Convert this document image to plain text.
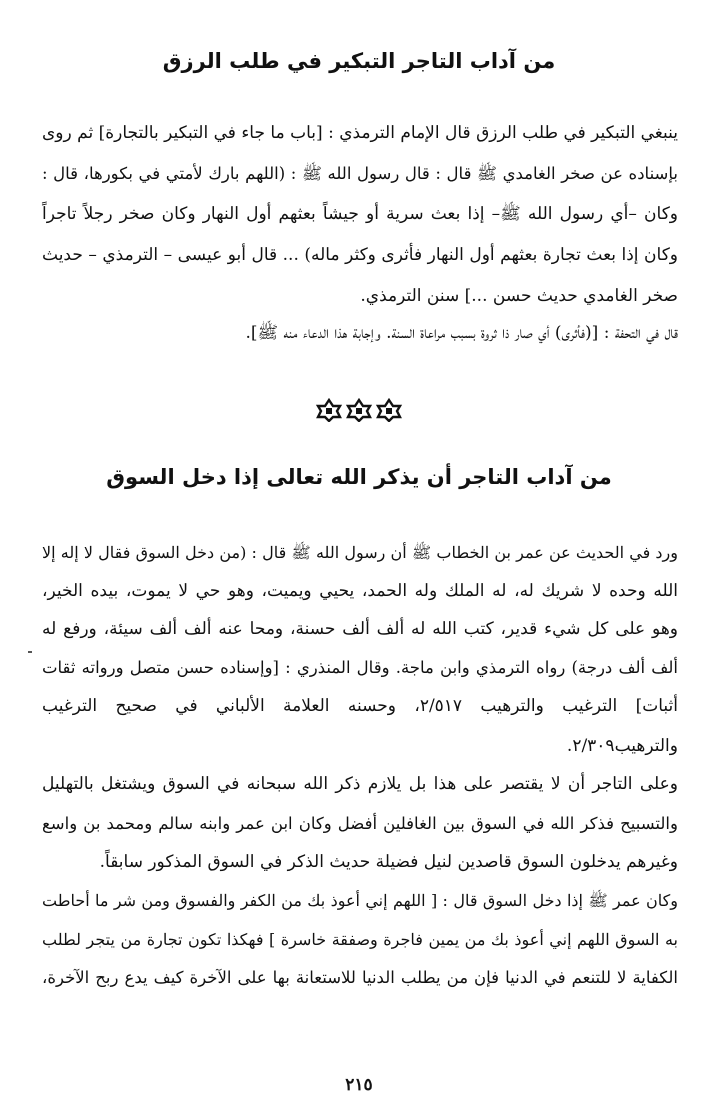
من آداب التاجر التبكير في طلب الرزق
ينبغي التبكير في طلب الرزق قال الإمام الترمذي : [باب ما جاء في التبكير بالتجارة] ثم روى
بإسناده عن صخر الغامدي ﷺ قال : قال رسول الله ﷺ : (اللهم بارك لأمتي في بكورها، قال :
وكان –أي رسول الله ﷺ– إذا بعث سرية أو جيشاً بعثهم أول النهار وكان صخر رجلاً تاجراً
وكان إذا بعث تجارة بعثهم أول النهار فأثرى وكثر ماله) ... قال أبو عيسى – الترمذي – حديث
صخر الغامدي حديث حسن ...] سنن الترمذي.
قال في التحفة : [(فأثرى) أي صار ذا ثروة بسبب مراعاة السنة. وإجابة هذا الدعاء منه ﷺ].
من آداب التاجر أن يذكر الله تعالى إذا دخل السوق
ورد في الحديث عن عمر بن الخطاب ﷺ أن رسول الله ﷺ قال : (من دخل السوق فقال لا إله إلا
الله وحده لا شريك له، له الملك وله الحمد، يحيي ويميت، وهو حي لا يموت، بيده الخير،
وهو على كل شيء قدير، كتب الله له ألف ألف حسنة، ومحا عنه ألف ألف سيئة، ورفع له
ألف ألف درجة) رواه الترمذي وابن ماجة. وقال المنذري : [وإسناده حسن متصل ورواته ثقات
أثبات] الترغيب والترهيب ٢/٥١٧، وحسنه العلامة الألباني في صحيح الترغيب
والترهيب٢/٣٠٩.
وعلى التاجر أن لا يقتصر على هذا بل يلازم ذكر الله سبحانه في السوق ويشتغل بالتهليل
والتسبيح فذكر الله في السوق بين الغافلين أفضل وكان ابن عمر وابنه سالم ومحمد بن واسع
وغيرهم يدخلون السوق قاصدين لنيل فضيلة حديث الذكر في السوق المذكور سابقاً.
وكان عمر ﷺ إذا دخل السوق قال : [ اللهم إني أعوذ بك من الكفر والفسوق ومن شر ما أحاطت
به السوق اللهم إني أعوذ بك من يمين فاجرة وصفقة خاسرة ] فهكذا تكون تجارة من يتجر لطلب
الكفاية لا للتنعم في الدنيا فإن من يطلب الدنيا للاستعانة بها على الآخرة كيف يدع ربح الآخرة،
٢١٥
